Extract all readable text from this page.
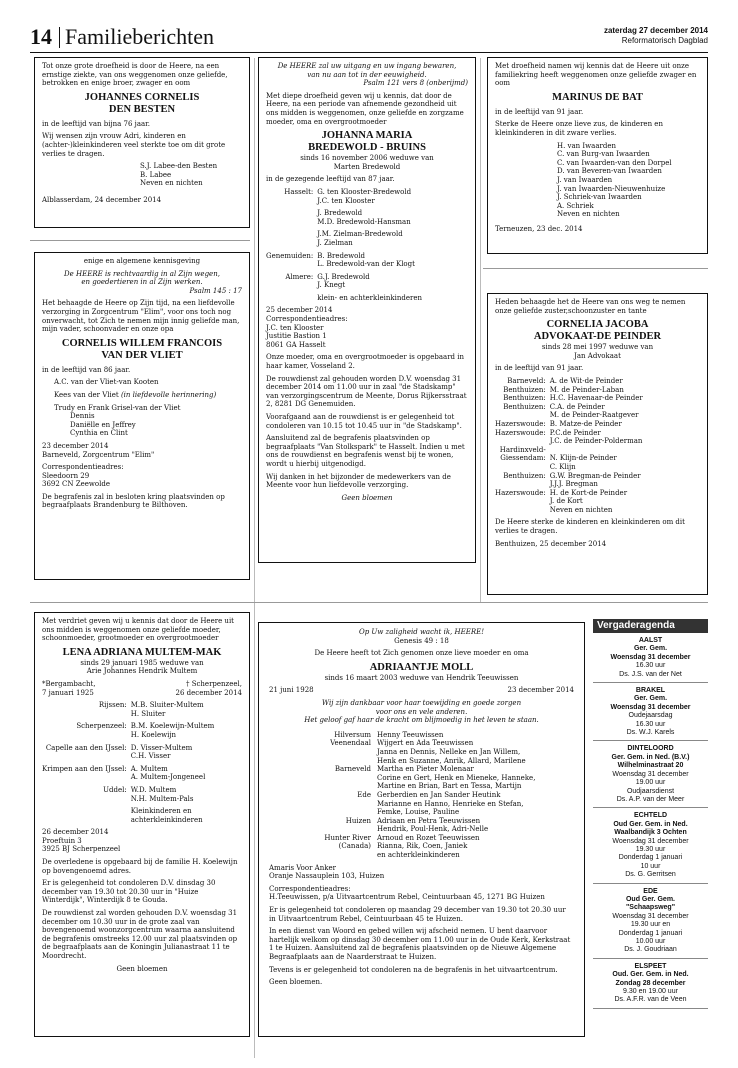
14 Familieberichten	zaterdag 27 december 2014
Reformatorisch Dagblad

Tot onze grote droefheid is door de Heere, na een ernstige ziekte, van ons weggenomen onze geliefde, betrokken en enige broer, zwager en oom

JOHANNES CORNELIS
DEN BESTEN

in de leeftijd van bijna 76 jaar.

Wij wensen zijn vrouw Adri, kinderen en (achter-)kleinkinderen veel sterkte toe om dit grote verlies te dragen.

S.J. Labee-den Besten
B. Labee
Neven en nichten
Alblasserdam, 24 december 2014

enige en algemene kennisgeving

De HEERE is rechtvaardig in al Zijn wegen,
en goedertieren in al Zijn werken.

Psalm 145 : 17

Het behaagde de Heere op Zijn tijd, na een liefdevolle verzorging in Zorgcentrum "Elim", voor ons toch nog onverwacht, tot Zich te nemen mijn innig geliefde man, mijn vader, schoonvader en onze opa

CORNELIS WILLEM FRANCOIS
VAN DER VLIET

in de leeftijd van 86 jaar.

A.C. van der Vliet-van Kooten

Kees van der Vliet (in liefdevolle herinnering)

Trudy en Frank Grisel-van der Vliet
Dennis
Daniëlle en Jeffrey

Cynthia en Clint

23 december 2014

Barneveld, Zorgcentrum "Elim"

Correspondentieadres:
Sleedoorn 29

3692 CN Zeewolde

De begrafenis zal in besloten kring plaatsvinden op begraafplaats Brandenburg te Bilthoven.

De HEERE zal uw uitgang en uw ingang bewaren,
van nu aan tot in der eeuwigheid.

Psalm 121 vers 8 (onberijmd)

Met diepe droefheid geven wij u kennis, dat door de Heere, na een periode van afnemende gezondheid uit ons midden is weggenomen, onze geliefde en zorgzame moeder, oma en overgrootmoeder

JOHANNA MARIA
BREDEWOLD - BRUINS
sinds 16 november 2006 weduwe van
Marten Bredewold

in de gezegende leeftijd van 87 jaar.

Hasselt: G. ten Klooster-Bredewold
J.C. ten Klooster
J. Bredewold
M.D. Bredewold-Hansman
J.M. Zielman-Bredewold
J. Zielman
Genemuiden: B. Bredewold
L. Bredewold-van der Klogt
Almere: G.J. Bredewold
J. Knegt
klein- en achterkleinkinderen
25 december 2014
Correspondentieadres:
J.C. ten Klooster
Justitie Bastion 1

8061 GA Hasselt

Onze moeder, oma en overgrootmoeder is opgebaard in haar kamer, Vosseland 2.

De rouwdienst zal gehouden worden D.V. woensdag 31 december 2014 om 11.00 uur in zaal "de Stadskamp" van verzorgingscentrum de Meente, Dorus Rijkersstraat 2, 8281 DG Genemuiden.

Voorafgaand aan de rouwdienst is er gelegenheid tot condoleren van 10.15 tot 10.45 uur in "de Stadskamp".

Aansluitend zal de begrafenis plaatsvinden op begraafplaats "Van Stolkspark" te Hasselt. Indien u met ons de rouwdienst en begrafenis wenst bij te wonen, wordt u hierbij uitgenodigd.

Wij danken in het bijzonder de medewerkers van de Meente voor hun liefdevolle verzorging.

Geen bloemen

Met droefheid namen wij kennis dat de Heere uit onze familiekring heeft weggenomen onze geliefde zwager en oom

MARINUS DE BAT

in de leeftijd van 91 jaar.

Sterke de Heere onze lieve zus, de kinderen en kleinkinderen in dit zware verlies.

H. van Iwaarden
C. van Burg-van Iwaarden
C. van Iwaarden-van den Dorpel
D. van Beveren-van Iwaarden
J. van Iwaarden
J. van Iwaarden-Nieuwenhuize
J. Schriek-van Iwaarden
A. Schriek
Neven en nichten
Terneuzen, 23 dec. 2014

Heden behaagde het de Heere van ons weg te nemen onze geliefde zuster,schoonzuster en tante

CORNELIA JACOBA
ADVOKAAT-DE PEINDER
sinds 28 mei 1997 weduwe van
Jan Advokaat

in de leeftijd van 91 jaar.

Barneveld: A. de Wit-de Peinder
Benthuizen: M. de Peinder-Laban
Benthuizen: H.C. Havenaar-de Peinder
Benthuizen: C.A. de Peinder
M. de Peinder-Raatgever
Hazerswoude: B. Matze-de Peinder
Hazerswoude: P.C.de Peinder
J.C. de Peinder-Polderman
Hardinxveld-
Giessendam: N. Klijn-de Peinder
C. Klijn
Benthuizen: G.W. Bregman-de Peinder
J.J.J. Bregman
Hazerswoude: H. de Kort-de Peinder
J. de Kort
Neven en nichten

De Heere sterke de kinderen en kleinkinderen om dit verlies te dragen.

Benthuizen, 25 december 2014

Met verdriet geven wij u kennis dat door de Heere uit ons midden is weggenomen onze geliefde moeder, schoonmoeder, grootmoeder en overgrootmoeder

LENA ADRIANA MULTEM-MAK
sinds 29 januari 1985 weduwe van
Arie Johannes Hendrik Multem
*Bergambacht,
7 januari 1925
† Scherpenzeel,
26 december 2014
Rijssen: M.B. Sluiter-Multem
H. Sluiter
Scherpenzeel: B.M. Koelewijn-Multem
H. Koelewijn
Capelle aan den IJssel: D. Visser-Multem
C.H. Visser
Krimpen aan den IJssel: A. Multem
A. Multem-Jongeneel
Uddel: W.D. Multem
N.H. Multem-Pals
Kleinkinderen en
achterkleinkinderen
26 december 2014
Proeftuin 3

3925 BJ Scherpenzeel

De overledene is opgebaard bij de familie H. Koelewijn op bovengenoemd adres.

Er is gelegenheid tot condoleren D.V. dinsdag 30 december van 19.30 tot 20.30 uur in "Huize Winterdijk", Winterdijk 8 te Gouda.

De rouwdienst zal worden gehouden D.V. woensdag 31 december om 10.30 uur in de grote zaal van bovengenoemd woonzorgcentrum waarna aansluitend de begrafenis omstreeks 12.00 uur zal plaatsvinden op de begraafplaats aan de Koningin Julianastraat 11 te Moordrecht.

Geen bloemen
Op Uw zaligheid wacht ik, HEERE!

Genesis 49 : 18

De Heere heeft tot Zich genomen onze lieve moeder en oma

ADRIAANTJE MOLL

sinds 16 maart 2003 weduwe van Hendrik Teeuwissen

21 juni 1928	23 december 2014
Wij zijn dankbaar voor haar toewijding en goede zorgen
voor ons en vele anderen.
Het geloof gaf haar de kracht om blijmoedig in het leven te staan.
Hilversum Henny Teeuwissen
Veenendaal Wijgert en Ada Teeuwissen
Janna en Dennis, Nelleke en Jan Willem,
Henk en Suzanne, Anrik, Allard, Marilene
Barneveld Martha en Pieter Molenaar
Corine en Gert, Henk en Mieneke, Hanneke,
Martine en Brian, Bart en Tessa, Martijn
Ede Gerberdien en Jan Sander Heutink
Marianne en Hanno, Henrieke en Stefan,
Femke, Louise, Pauline
Huizen Adriaan en Petra Teeuwissen
Hendrik, Poul-Henk, Adri-Nelle
Hunter River Arnoud en Rozet Teeuwissen
(Canada) Rianna, Rik, Coen, Janiek
en achterkleinkinderen
Amaris Voor Anker

Oranje Nassauplein 103, Huizen

Correspondentieadres:

H.Teeuwissen, p/a Uitvaartcentrum Rebel, Ceintuurbaan 45, 1271 BG Huizen

Er is gelegenheid tot condoleren op maandag 29 december van 19.30 tot 20.30 uur in Uitvaartcentrum Rebel, Ceintuurbaan 45 te Huizen.

In een dienst van Woord en gebed willen wij afscheid nemen. U bent daarvoor hartelijk welkom op dinsdag 30 december om 11.00 uur in de Oude Kerk, Kerkstraat 1 te Huizen. Aansluitend zal de begrafenis plaatsvinden op de Nieuwe Algemene Begraafplaats aan de Naarderstraat te Huizen.

Tevens is er gelegenheid tot condoleren na de begrafenis in het uitvaartcentrum.

Geen bloemen.
Vergaderagenda
AALST
Ger. Gem.
Woensdag 31 december
16.30 uur
Ds. J.S. van der Net
BRAKEL
Ger. Gem.
Woensdag 31 december
Oudejaarsdag
16.30 uur
Ds. W.J. Karels
DINTELOORD
Ger. Gem. in Ned. (B.V.)
Wilhelminastraat 20
Woensdag 31 december
19.00 uur
Oudjaarsdienst
Ds. A.P. van der Meer
ECHTELD
Oud Ger. Gem. in Ned.
Waalbandijk 3 Ochten
Woensdag 31 december
19.30 uur
Donderdag 1 januari
10 uur
Ds. G. Gerritsen
EDE
Oud Ger. Gem.
"Schaapsweg"
Woensdag 31 december
19.30 uur en
Donderdag 1 januari
10.00 uur
Ds. J. Goudriaan
ELSPEET
Oud. Ger. Gem. in Ned.
Zondag 28 december
9.30 en 19.00 uur
Ds. A.F.R. van de Veen
